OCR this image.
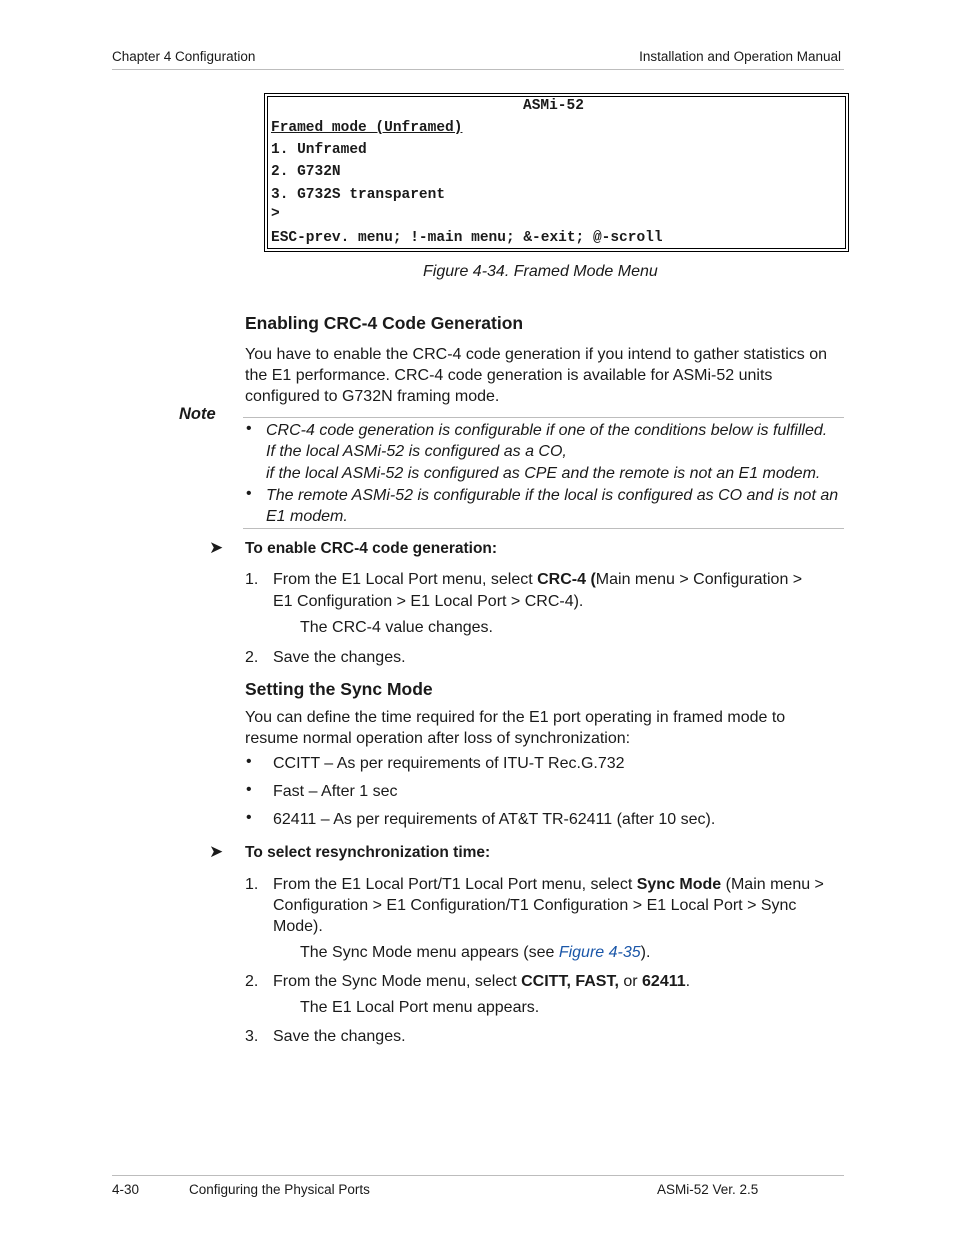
Chapter 4 Configuration	Installation and Operation Manual
ASMi-52
Framed mode (Unframed)
1. Unframed
2. G732N
3. G732S transparent
>
ESC-prev. menu; !-main menu; &-exit; @-scroll
Figure 4-34. Framed Mode Menu
Enabling CRC-4 Code Generation
You have to enable the CRC-4 code generation if you intend to gather statistics on
the E1 performance. CRC-4 code generation is available for ASMi-52 units
configured to G732N framing mode.
Note
• CRC-4 code generation is configurable if one of the conditions below is fulfilled.
If the local ASMi-52 is configured as a CO,
if the local ASMi-52 is configured as CPE and the remote is not an E1 modem.
• The remote ASMi-52 is configurable if the local is configured as CO and is not an
E1 modem.
➤ To enable CRC-4 code generation:
1. From the E1 Local Port menu, select CRC-4 (Main menu > Configuration >
E1 Configuration > E1 Local Port > CRC-4).
The CRC-4 value changes.
2. Save the changes.
Setting the Sync Mode
You can define the time required for the E1 port operating in framed mode to
resume normal operation after loss of synchronization:
• CCITT – As per requirements of ITU-T Rec.G.732
• Fast – After 1 sec
• 62411 – As per requirements of AT&T TR-62411 (after 10 sec).
➤ To select resynchronization time:
1. From the E1 Local Port/T1 Local Port menu, select Sync Mode (Main menu >
Configuration > E1 Configuration/T1 Configuration > E1 Local Port > Sync
Mode).
The Sync Mode menu appears (see Figure 4-35).
2. From the Sync Mode menu, select CCITT, FAST, or 62411.
The E1 Local Port menu appears.
3. Save the changes.
4-30	Configuring the Physical Ports	ASMi-52 Ver. 2.5
